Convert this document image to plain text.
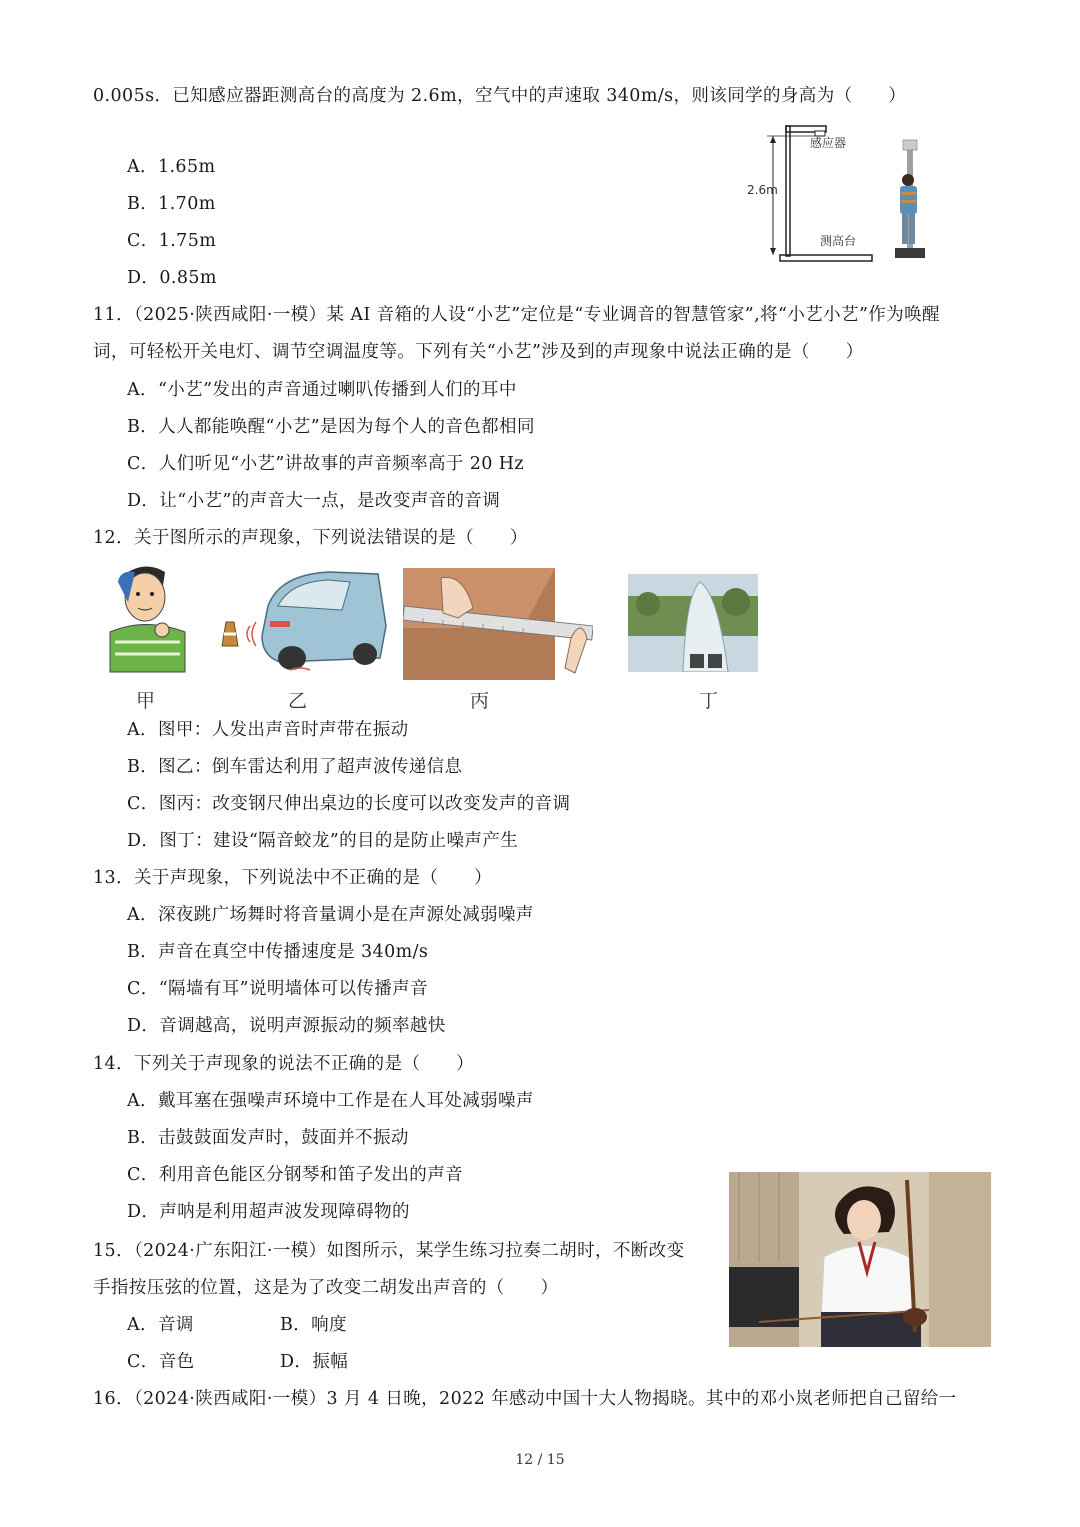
0.005s．已知感应器距测高台的高度为 2.6m，空气中的声速取 340m/s，则该同学的身高为（　　）
A．1.65m
B．1.70m
C．1.75m
D．0.85m
感应器
2.6m
测高台
11．（2025·陕西咸阳·一模）某 AI 音箱的人设“小艺”定位是“专业调音的智慧管家”,将“小艺小艺”作为唤醒
词，可轻松开关电灯、调节空调温度等。下列有关“小艺”涉及到的声现象中说法正确的是（　　）
A．“小艺”发出的声音通过喇叭传播到人们的耳中
B．人人都能唤醒“小艺”是因为每个人的音色都相同
C．人们听见“小艺”讲故事的声音频率高于 20 Hz
D．让“小艺”的声音大一点，是改变声音的音调
12．关于图所示的声现象，下列说法错误的是（　　）
甲	乙	丙	丁
A．图甲：人发出声音时声带在振动
B．图乙：倒车雷达利用了超声波传递信息
C．图丙：改变钢尺伸出桌边的长度可以改变发声的音调
D．图丁：建设“隔音蛟龙”的目的是防止噪声产生
13．关于声现象，下列说法中不正确的是（　　）
A．深夜跳广场舞时将音量调小是在声源处减弱噪声
B．声音在真空中传播速度是 340m/s
C．“隔墙有耳”说明墙体可以传播声音
D．音调越高，说明声源振动的频率越快
14．下列关于声现象的说法不正确的是（　　）
A．戴耳塞在强噪声环境中工作是在人耳处减弱噪声
B．击鼓鼓面发声时，鼓面并不振动
C．利用音色能区分钢琴和笛子发出的声音
D．声呐是利用超声波发现障碍物的
15．（2024·广东阳江·一模）如图所示，某学生练习拉奏二胡时，不断改变
手指按压弦的位置，这是为了改变二胡发出声音的（　　）
A．音调	B．响度
C．音色	D．振幅
16．（2024·陕西咸阳·一模）3 月 4 日晚，2022 年感动中国十大人物揭晓。其中的邓小岚老师把自己留给一
12 / 15
